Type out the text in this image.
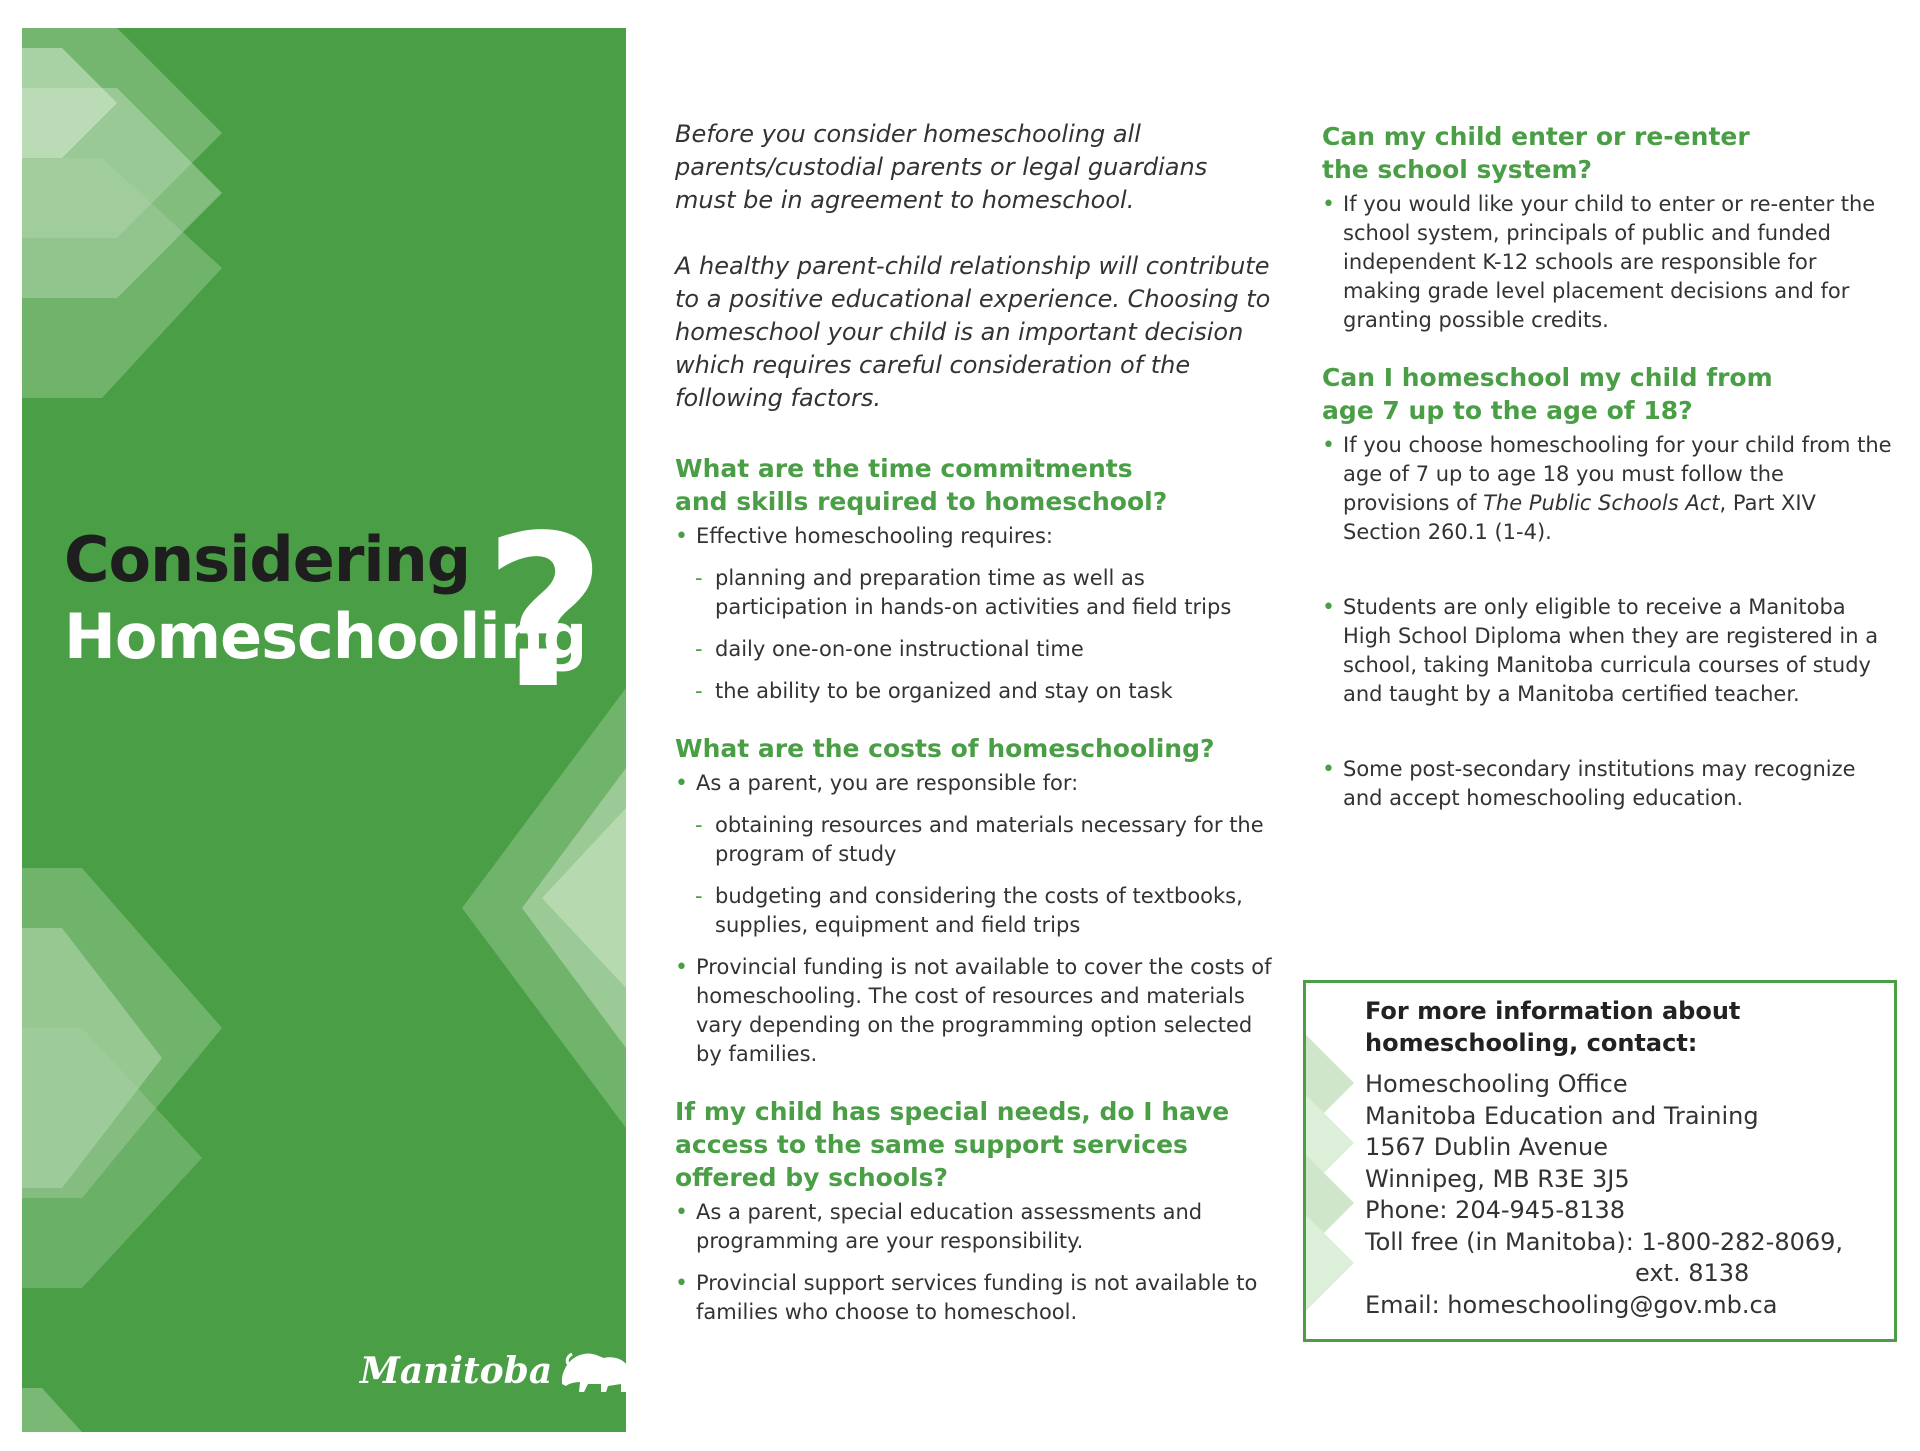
Considering
Homeschooling
?
Manitoba

Before you consider homeschooling all parents/custodial parents or legal guardians must be in agreement to homeschool.

A healthy parent-child relationship will contribute to a positive educational experience. Choosing to homeschool your child is an important decision which requires careful consideration of the following factors.

What are the time commitments
and skills required to homeschool?
• Effective homeschooling requires:
- planning and preparation time as well as participation in hands-on activities and field trips
- daily one-on-one instructional time
- the ability to be organized and stay on task
What are the costs of homeschooling?
• As a parent, you are responsible for:
- obtaining resources and materials necessary for the program of study
- budgeting and considering the costs of textbooks, supplies, equipment and field trips
• Provincial funding is not available to cover the costs of homeschooling. The cost of resources and materials vary depending on the programming option selected by families.
If my child has special needs, do I have access to the same support services offered by schools?
• As a parent, special education assessments and programming are your responsibility.
• Provincial support services funding is not available to families who choose to homeschool.
Can my child enter or re-enter
the school system?
• If you would like your child to enter or re-enter the school system, principals of public and funded independent K-12 schools are responsible for making grade level placement decisions and for granting possible credits.
Can I homeschool my child from
age 7 up to the age of 18?
• If you choose homeschooling for your child from the age of 7 up to age 18 you must follow the provisions of The Public Schools Act, Part XIV Section 260.1 (1-4).
• Students are only eligible to receive a Manitoba High School Diploma when they are registered in a school, taking Manitoba curricula courses of study and taught by a Manitoba certified teacher.
• Some post-secondary institutions may recognize and accept homeschooling education.
For more information about
homeschooling, contact:
Homeschooling Office
Manitoba Education and Training
1567 Dublin Avenue
Winnipeg, MB R3E 3J5
Phone: 204-945-8138
Toll free (in Manitoba): 1-800-282-8069,
ext. 8138
Email: homeschooling@gov.mb.ca
